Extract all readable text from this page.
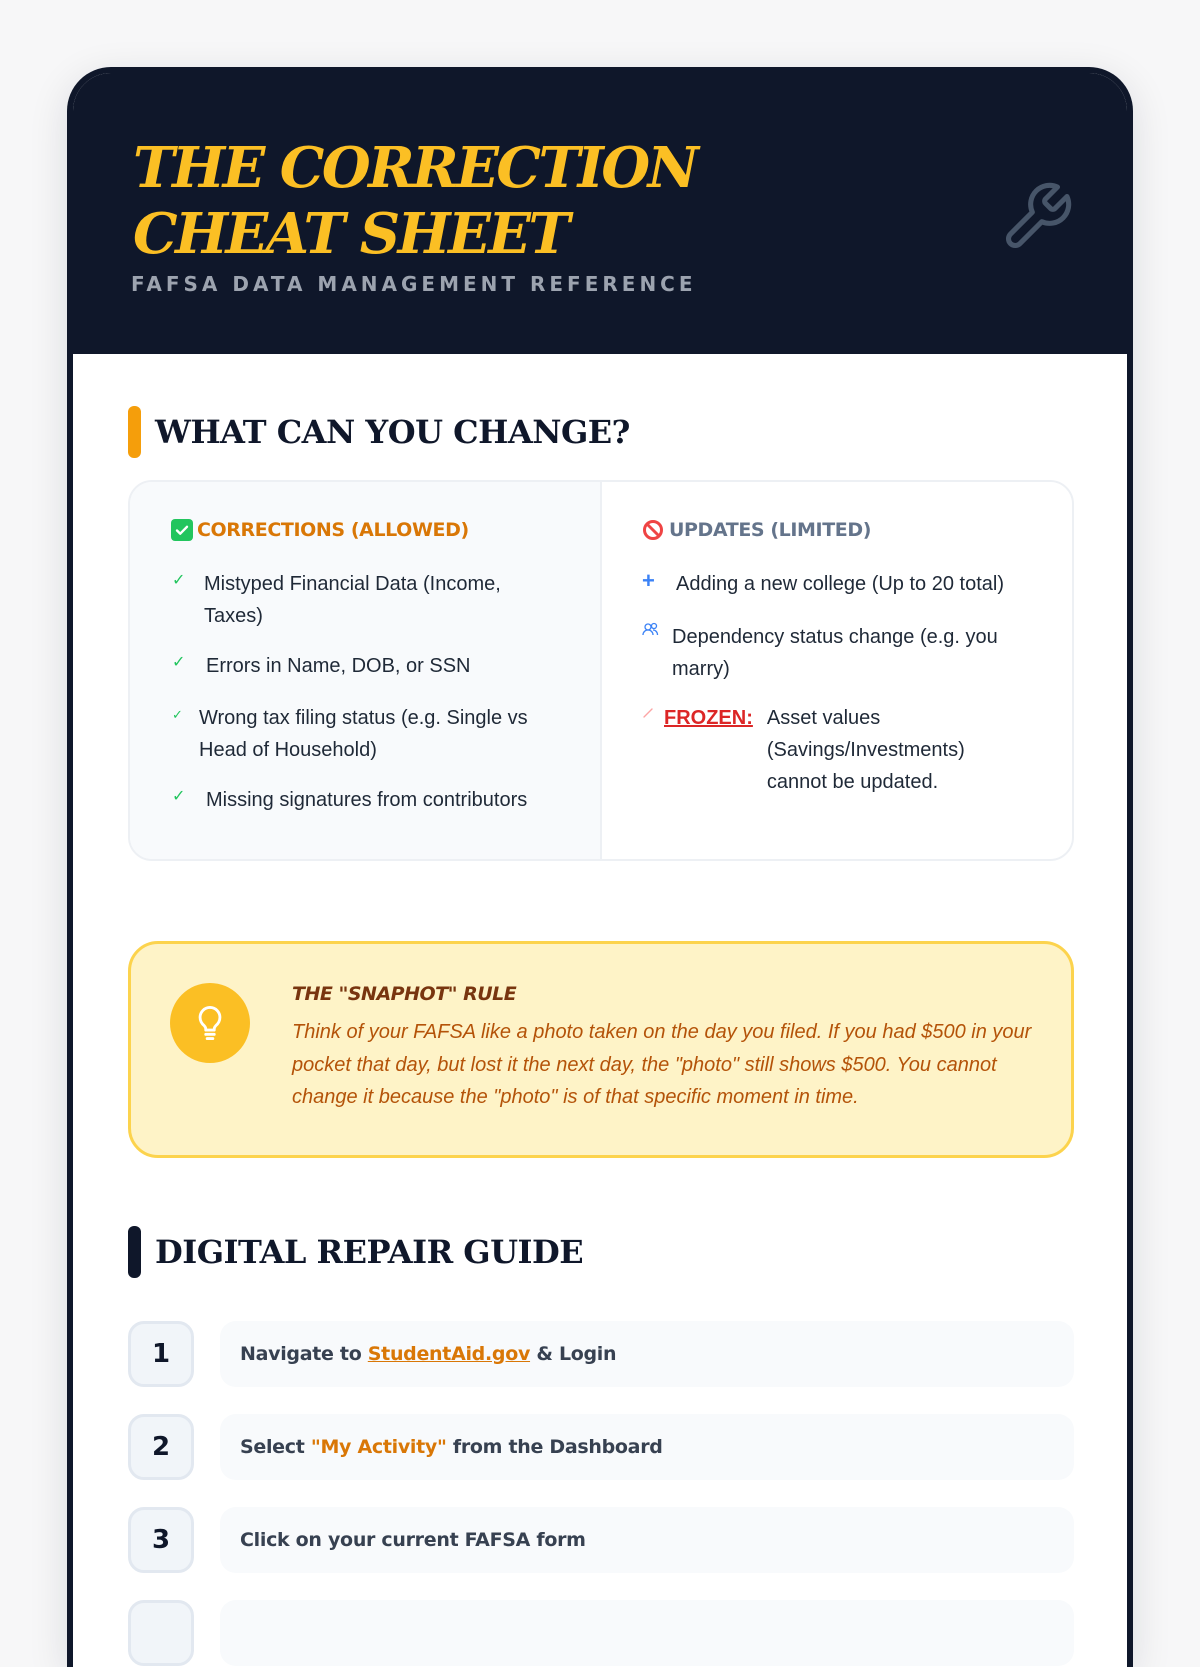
THE CORRECTION CHEAT SHEET

FAFSA DATA MANAGEMENT REFERENCE

WHAT CAN YOU CHANGE?
CORRECTIONS (ALLOWED)
✓ Mistyped Financial Data (Income, Taxes)
✓	Errors in Name, DOB, or SSN
✓ Wrong tax filing status (e.g. Single vs Head of Household)
✓	Missing signatures from contributors
UPDATES (LIMITED)
+	Adding a new college (Up to 20 total)
Dependency status change (e.g. you marry)
FROZEN: Asset values (Savings/Investments) cannot be updated.

THE "SNAPHOT" RULE

Think of your FAFSA like a photo taken on the day you filed. If you had $500 in your pocket that day, but lost it the next day, the "photo" still shows $500. You cannot change it because the "photo" is of that specific moment in time.

DIGITAL REPAIR GUIDE
1	Navigate to StudentAid.gov & Login
2	Select "My Activity" from the Dashboard
3	Click on your current FAFSA form
